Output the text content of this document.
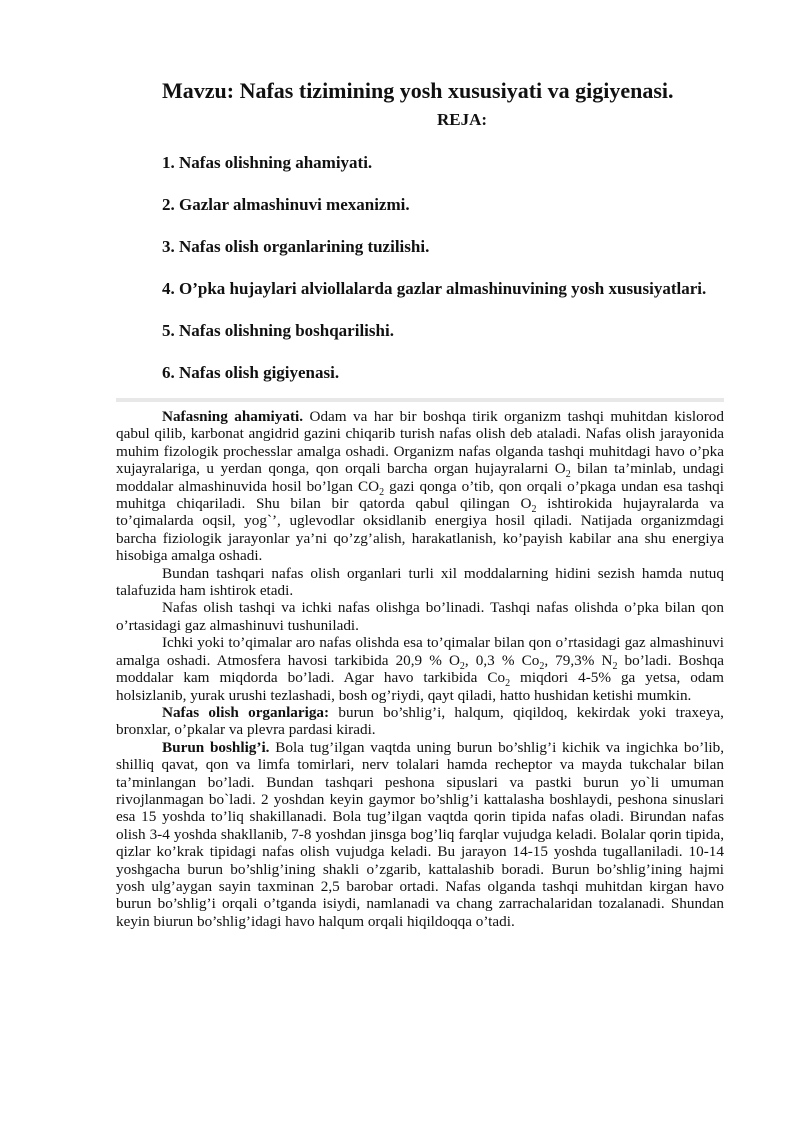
Mavzu: Nafas tizimining yosh xususiyati va gigiyenasi.
REJA:
1. Nafas olishning ahamiyati.
2. Gazlar almashinuvi mexanizmi.
3. Nafas olish organlarining tuzilishi.
4. O’pka hujaylari alviollalarda gazlar almashinuvining yosh xususiyatlari.
5. Nafas olishning boshqarilishi.
6. Nafas olish gigiyenasi.

Nafasning ahamiyati. Odam va har bir boshqa tirik organizm tashqi muhitdan kislorod qabul qilib, karbonat angidrid gazini chiqarib turish nafas olish deb ataladi. Nafas olish jarayonida muhim fizologik prochesslar amalga oshadi. Organizm nafas olganda tashqi muhitdagi havo o’pka xujayralariga, u yerdan qonga, qon orqali barcha organ hujayralarni $O_2$ bilan ta’minlab, undagi moddalar almashinuvida hosil bo’lgan $CO_2$ gazi qonga o’tib, qon orqali o’pkaga undan esa tashqi muhitga chiqariladi. Shu bilan bir qatorda qabul qilingan $O_2$ ishtirokida hujayralarda va to’qimalarda oqsil, yog`’, uglevodlar oksidlanib energiya hosil qiladi. Natijada organizmdagi barcha fiziologik jarayonlar ya’ni qo’zg’alish, harakatlanish, ko’payish kabilar ana shu energiya hisobiga amalga oshadi.

Bundan tashqari nafas olish organlari turli xil moddalarning hidini sezish hamda nutuq talafuzida ham ishtirok etadi.

Nafas olish tashqi va ichki nafas olishga bo’linadi. Tashqi nafas olishda o’pka bilan qon o’rtasidagi gaz almashinuvi tushuniladi.

Ichki yoki to’qimalar aro nafas olishda esa to’qimalar bilan qon o’rtasidagi gaz almashinuvi amalga oshadi. Atmosfera havosi tarkibida 20,9 % $O_2$, 0,3 % $Co_2$, 79,3% $N_2$ bo’ladi. Boshqa moddalar kam miqdorda bo’ladi. Agar havo tarkibida $Co_2$ miqdori 4-5% ga yetsa, odam holsizlanib, yurak urushi tezlashadi, bosh og’riydi, qayt qiladi, hatto hushidan ketishi mumkin.

Nafas olish organlariga: burun bo’shlig’i, halqum, qiqildoq, kekirdak yoki traxeya, bronxlar, o’pkalar va plevra pardasi kiradi.

Burun boshlig’i. Bola tug’ilgan vaqtda uning burun bo’shlig’i kichik va ingichka bo’lib, shilliq qavat, qon va limfa tomirlari, nerv tolalari hamda recheptor va mayda tukchalar bilan ta’minlangan bo’ladi. Bundan tashqari peshona sipuslari va pastki burun yo`li umuman rivojlanmagan bo`ladi. 2 yoshdan keyin gaymor bo’shlig’i kattalasha boshlaydi, peshona sinuslari esa 15 yoshda to’liq shakillanadi. Bola tug’ilgan vaqtda qorin tipida nafas oladi. Birundan nafas olish 3-4 yoshda shakllanib, 7-8 yoshdan jinsga bog’liq farqlar vujudga keladi. Bolalar qorin tipida, qizlar ko’krak tipidagi nafas olish vujudga keladi. Bu jarayon 14-15 yoshda tugallaniladi. 10-14 yoshgacha burun bo’shlig’ining shakli o’zgarib, kattalashib boradi. Burun bo’shlig’ining hajmi yosh ulg’aygan sayin taxminan 2,5 barobar ortadi. Nafas olganda tashqi muhitdan kirgan havo burun bo’shlig’i orqali o’tganda isiydi, namlanadi va chang zarrachalaridan tozalanadi. Shundan keyin biurun bo’shlig’idagi havo halqum orqali hiqildoqqa o’tadi.
